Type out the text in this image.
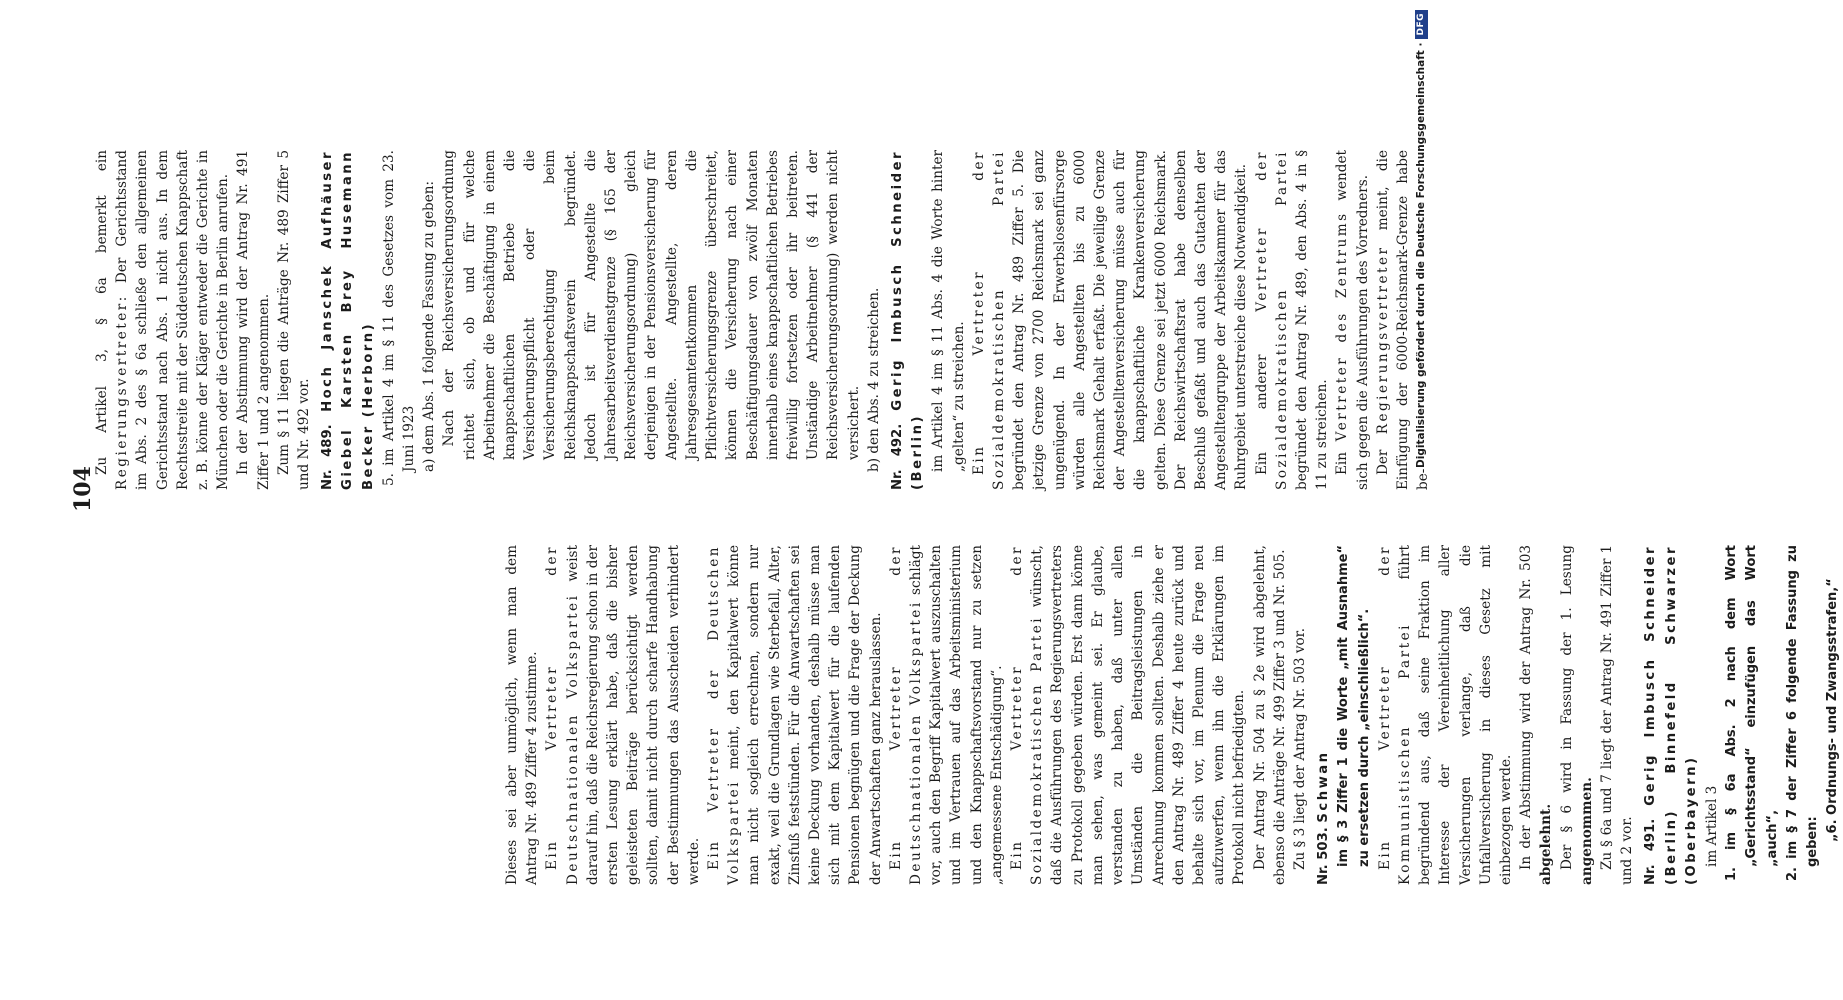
104

Dieses sei aber unmöglich, wenn man dem Antrag Nr. 489 Ziffer 4 zustimme. Ein Vertreter der Deutschnationalen Volkspartei weist darauf hin, daß die Reichsregierung schon in der ersten Lesung erklärt habe, daß die bisher geleisteten Beiträge berücksichtigt werden sollten, damit nicht durch scharfe Handhabung der Bestimmungen das Ausscheiden verhindert werde. Ein Vertreter der Deutschen Volkspartei meint, den Kapitalwert könne man nicht sogleich errechnen, sondern nur exakt, weil die Grundlagen wie Sterbefall, Alter, Zinsfuß feststünden. Für die Anwartschaften sei keine Deckung vorhanden, deshalb müsse man sich mit dem Kapitalwert für die laufenden Pensionen begnügen und die Frage der Deckung der Anwartschaften ganz herauslassen. Ein Vertreter der Deutschnationalen Volkspartei schlägt vor, auch den Begriff Kapitalwert auszuschalten und im Vertrauen auf das Arbeitsministerium und den Knappschaftsvorstand nur zu setzen „angemessene Entschädigung“. Ein Vertreter der Sozialdemokratischen Partei wünscht, daß die Ausführungen des Regierungsvertreters zu Protokoll gegeben würden. Erst dann könne man sehen, was gemeint sei. Er glaube, verstanden zu haben, daß unter allen Umständen die Beitragsleistungen in Anrechnung kommen sollten. Deshalb ziehe er den Antrag Nr. 489 Ziffer 4 heute zurück und behalte sich vor, im Plenum die Frage neu aufzuwerfen, wenn ihn die Erklärungen im Protokoll nicht befriedigten. Der Antrag Nr. 504 zu § 2e wird abgelehnt, ebenso die Anträge Nr. 499 Ziffer 3 und Nr. 505. Zu § 3 liegt der Antrag Nr. 503 vor. Nr. 503. Schwan im § 3 Ziffer 1 die Worte „mit Ausnahme“ zu ersetzen durch „einschließlich“. Ein Vertreter der Kommunistischen Partei führt begründend aus, daß seine Fraktion im Interesse der Vereinheitlichung aller Versicherungen verlange, daß die Unfallversicherung in dieses Gesetz mit einbezogen werde. In der Abstimmung wird der Antrag Nr. 503 abgelehnt. Der § 6 wird in Fassung der 1. Lesung angenommen. Zu § 6a und 7 liegt der Antrag Nr. 491 Ziffer 1 und 2 vor. Nr. 491. Gerig Imbusch Schneider (Berlin) Binnefeld Schwarzer (Oberbayern) im Artikel 3 1. im § 6a Abs. 2 nach dem Wort „Gerichtsstand“ einzufügen das Wort „auch“, 2. im § 7 der Ziffer 6 folgende Fassung zu geben: „6. Ordnungs- und Zwangsstrafen,“

Zu Artikel 3, § 6a bemerkt ein Regierungsvertreter: Der Gerichtsstand im Abs. 2 des § 6a schließe den allgemeinen Gerichtsstand nach Abs. 1 nicht aus. In dem Rechtsstreite mit der Süddeutschen Knappschaft z. B. könne der Kläger entweder die Gerichte in München oder die Gerichte in Berlin anrufen. In der Abstimmung wird der Antrag Nr. 491 Ziffer 1 und 2 angenommen. Zum § 11 liegen die Anträge Nr. 489 Ziffer 5 und Nr. 492 vor. Nr. 489. Hoch Janschek Aufhäuser Giebel Karsten Brey Husemann Becker (Herborn) 5. im Artikel 4 im § 11 des Gesetzes vom 23. Juni 1923 a) dem Abs. 1 folgende Fassung zu geben: Nach der Reichsversicherungsordnung richtet sich, ob und für welche Arbeitnehmer die Beschäftigung in einem knappschaftlichen Betriebe die Versicherungspflicht oder die Versicherungsberechtigung beim Reichsknappschaftsverein begründet. Jedoch ist für Angestellte die Jahresarbeitsverdienstgrenze (§ 165 der Reichsversicherungsordnung) gleich derjenigen in der Pensionsversicherung für Angestellte. Angestellte, deren Jahresgesamtentkommen die Pflichtversicherungsgrenze überschreitet, können die Versicherung nach einer Beschäftigungsdauer von zwölf Monaten innerhalb eines knappschaftlichen Betriebes freiwillig fortsetzen oder ihr beitreten. Unständige Arbeitnehmer (§ 441 der Reichsversicherungsordnung) werden nicht versichert. b) den Abs. 4 zu streichen. Nr. 492. Gerig Imbusch Schneider (Berlin) im Artikel 4 im § 11 Abs. 4 die Worte hinter „gelten“ zu streichen. Ein Vertreter der Sozialdemokratischen Partei begründet den Antrag Nr. 489 Ziffer 5. Die jetzige Grenze von 2700 Reichsmark sei ganz ungenügend. In der Erwerbslosenfürsorge würden alle Angestellten bis zu 6000 Reichsmark Gehalt erfaßt. Die jeweilige Grenze der Angestelltenversicherung müsse auch für die knappschaftliche Krankenversicherung gelten. Diese Grenze sei jetzt 6000 Reichsmark. Der Reichswirtschaftsrat habe denselben Beschluß gefaßt und auch das Gutachten der Angestelltengruppe der Arbeitskammer für das Ruhrgebiet unterstreiche diese Notwendigkeit. Ein anderer Vertreter der Sozialdemokratischen Partei begründet den Antrag Nr. 489, den Abs. 4 in § 11 zu streichen. Ein Vertreter des Zentrums wendet sich gegen die Ausführungen des Vorredners. Der Regierungsvertreter meint, die Einfügung der 6000-Reichsmark-Grenze habe be-

Digitalisierung gefördert durch die Deutsche Forschungsgemeinschaft ·
DFG
